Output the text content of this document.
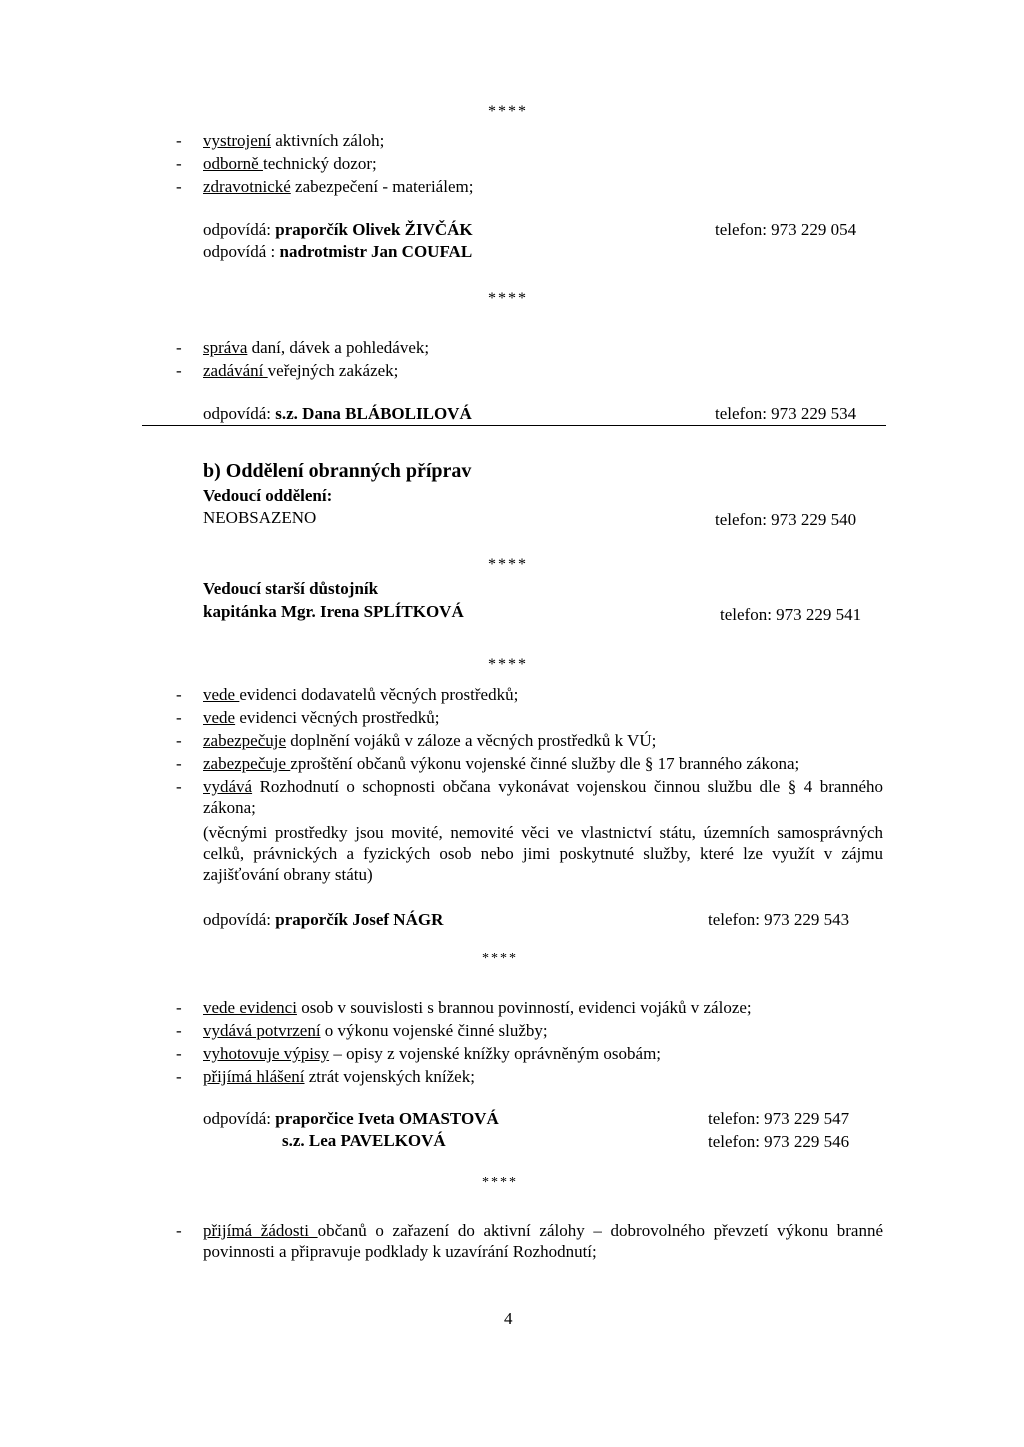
****
- vystrojení aktivních záloh;
- odborně technický dozor;
- zdravotnické zabezpečení - materiálem;
odpovídá: praporčík Olivek ŽIVČÁK	telefon: 973 229 054
odpovídá : nadrotmistr Jan COUFAL
****
- správa daní, dávek a pohledávek;
- zadávání veřejných zakázek;
odpovídá: s.z. Dana BLÁBOLILOVÁ	telefon: 973 229 534
b) Oddělení obranných příprav
Vedoucí oddělení:
NEOBSAZENO	telefon: 973 229 540
****
Vedoucí starší důstojník
kapitánka Mgr. Irena SPLÍTKOVÁ	telefon: 973 229 541
****
- vede evidenci dodavatelů věcných prostředků;
- vede evidenci věcných prostředků;
- zabezpečuje doplnění vojáků v záloze a věcných prostředků k VÚ;
- zabezpečuje zproštění občanů výkonu vojenské činné služby dle § 17 branného zákona;
- vydává Rozhodnutí o schopnosti občana vykonávat vojenskou činnou službu dle § 4 branného zákona;
(věcnými prostředky jsou movité, nemovité věci ve vlastnictví státu, územních samosprávných celků, právnických a fyzických osob nebo jimi poskytnuté služby, které lze využít v zájmu zajišťování obrany státu)
odpovídá: praporčík Josef NÁGR	telefon: 973 229 543
****
- vede evidenci osob v souvislosti s brannou povinností, evidenci vojáků v záloze;
- vydává potvrzení o výkonu vojenské činné služby;
- vyhotovuje výpisy – opisy z vojenské knížky oprávněným osobám;
- přijímá hlášení ztrát vojenských knížek;
odpovídá: praporčice Iveta OMASTOVÁ	telefon: 973 229 547
s.z. Lea PAVELKOVÁ	telefon: 973 229 546
****
- přijímá žádosti občanů o zařazení do aktivní zálohy – dobrovolného převzetí výkonu branné povinnosti a připravuje podklady k uzavírání Rozhodnutí;
4
